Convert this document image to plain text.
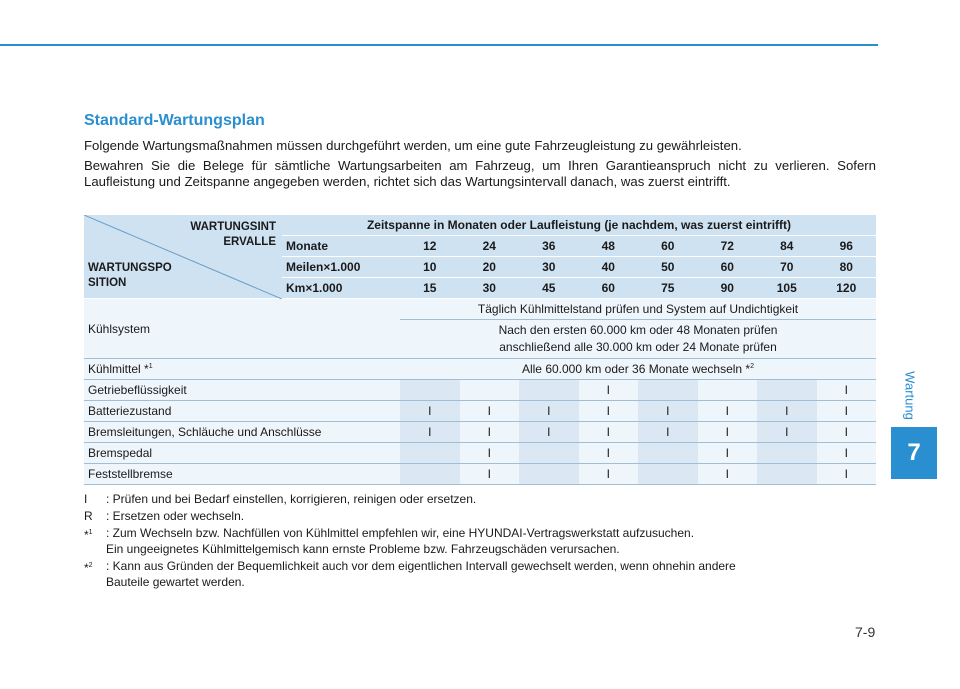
Wartung
7
7-9
Standard-Wartungsplan

Folgende Wartungsmaßnahmen müssen durchgeführt werden, um eine gute Fahrzeugleistung zu gewährleisten.

Bewahren Sie die Belege für sämtliche Wartungsarbeiten am Fahrzeug, um Ihren Garantieanspruch nicht zu verlieren. Sofern Laufleistung und Zeitspanne angegeben werden, richtet sich das Wartungsintervall danach, was zuerst eintrifft.

WARTUNGSINT
ERVALLE
WARTUNGSPO
SITION	Zeitspanne in Monaten oder Laufleistung (je nachdem, was zuerst eintrifft)								
	Monate	12	24	36	48	60	72	84	96
	Meilen×1.000	10	20	30	40	50	60	70	80
	Km×1.000	15	30	45	60	75	90	105	120
Kühlsystem		Täglich Kühlmittelstand prüfen und System auf Undichtigkeit							
		Nach den ersten 60.000 km oder 48 Monaten prüfen
anschließend alle 30.000 km oder 24 Monate prüfen							
Kühlmittel *$^1$		Alle 60.000 km oder 36 Monate wechseln *$^2$
Getriebeflüssigkeit					I				I
Batteriezustand		I	I	I	I	I	I	I	I
Bremsleitungen, Schläuche und Anschlüsse		I	I	I	I	I	I	I	I
Bremspedal			I		I		I		I
Feststellbremse			I		I		I		I
I : Prüfen und bei Bedarf einstellen, korrigieren, reinigen oder ersetzen.
R : Ersetzen oder wechseln.
*$^1$ : Zum Wechseln bzw. Nachfüllen von Kühlmittel empfehlen wir, eine HYUNDAI-Vertragswerkstatt aufzusuchen.
Ein ungeeignetes Kühlmittelgemisch kann ernste Probleme bzw. Fahrzeugschäden verursachen.
*$^2$ : Kann aus Gründen der Bequemlichkeit auch vor dem eigentlichen Intervall gewechselt werden, wenn ohnehin andere
Bauteile gewartet werden.
